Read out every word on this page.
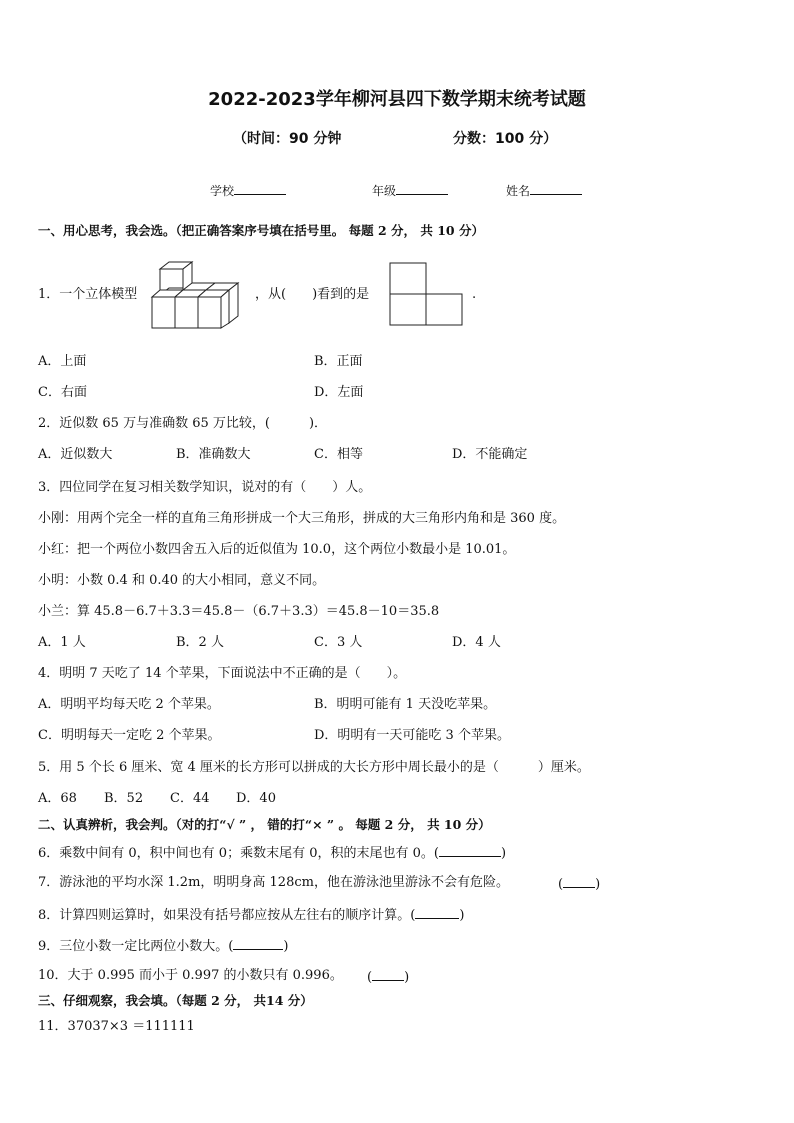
2022-2023学年柳河县四下数学期末统考试题
（时间：90 分钟	分数：100 分）
学校	年级	姓名
一、用心思考，我会选。（把正确答案序号填在括号里。 每题 2 分， 共 10 分）
1．一个立体模型	，从(　　)看到的是	.
A．上面	B．正面
C．右面	D．左面
2．近似数 65 万与准确数 65 万比较，(　　　)．
A．近似数大	B．准确数大	C．相等	D．不能确定
3．四位同学在复习相关数学知识，说对的有（　　）人。
小刚：用两个完全一样的直角三角形拼成一个大三角形，拼成的大三角形内角和是 360 度。
小红：把一个两位小数四舍五入后的近似值为 10.0，这个两位小数最小是 10.01。
小明：小数 0.4 和 0.40 的大小相同，意义不同。
小兰：算 45.8－6.7＋3.3＝45.8－（6.7＋3.3）＝45.8－10＝35.8
A．1 人	B．2 人	C．3 人	D．4 人
4．明明 7 天吃了 14 个苹果，下面说法中不正确的是（　　）。
A．明明平均每天吃 2 个苹果。	B．明明可能有 1 天没吃苹果。
C．明明每天一定吃 2 个苹果。	D．明明有一天可能吃 3 个苹果。
5．用 5 个长 6 厘米、宽 4 厘米的长方形可以拼成的大长方形中周长最小的是（　　　）厘米。
A．68 B．52 C．44 D．40
二、认真辨析，我会判。（对的打“√ ” ， 错的打“× ” 。 每题 2 分， 共 10 分）
6．乘数中间有 0，积中间也有 0；乘数末尾有 0，积的末尾也有 0。(	)
7．游泳池的平均水深 1.2m，明明身高 128cm，他在游泳池里游泳不会有危险。	( )
8．计算四则运算时，如果没有括号都应按从左往右的顺序计算。(	)
9．三位小数一定比两位小数大。(	)
10．大于 0.995 而小于 0.997 的小数只有 0.996。 ( )
三、仔细观察，我会填。（每题 2 分， 共14 分）
11．37037×3 ＝111111
